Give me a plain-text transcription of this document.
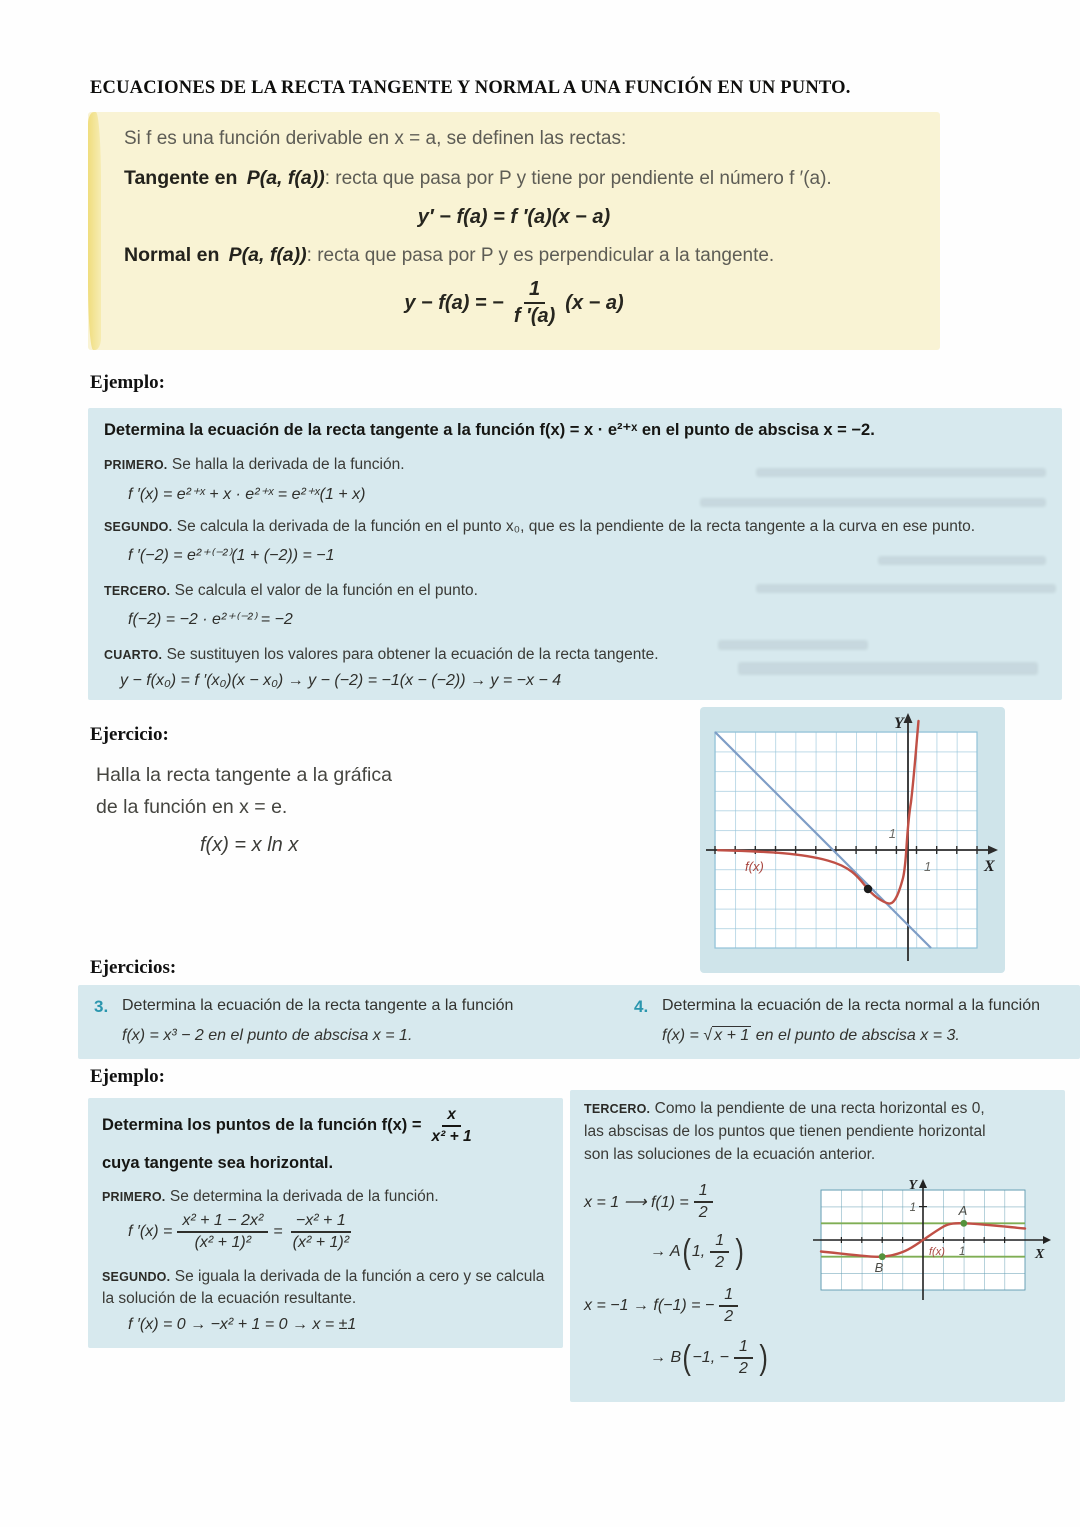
ECUACIONES DE LA RECTA TANGENTE Y NORMAL A UNA FUNCIÓN EN UN PUNTO.
Si f es una función derivable en x = a, se definen las rectas:
Tangente en P(a, f(a)): recta que pasa por P y tiene por pendiente el número f ′(a).
y′ − f(a) = f ′(a)(x − a)
Normal en P(a, f(a)): recta que pasa por P y es perpendicular a la tangente.
y − f(a) = − $\frac{1}{f '(a)} (x - a)$
Ejemplo:
Determina la ecuación de la recta tangente a la función f(x) = x · e²⁺ˣ en el punto de abscisa x = −2.
PRIMERO. Se halla la derivada de la función.
f ′(x) = e²⁺ˣ + x · e²⁺ˣ = e²⁺ˣ(1 + x)
SEGUNDO. Se calcula la derivada de la función en el punto x₀, que es la pendiente de la recta tangente a la curva en ese punto.
f ′(−2) = e²⁺⁽⁻²⁾(1 + (−2)) = −1
TERCERO. Se calcula el valor de la función en el punto.
f(−2) = −2 · e²⁺⁽⁻²⁾ = −2
CUARTO. Se sustituyen los valores para obtener la ecuación de la recta tangente.
y − f(x₀) = f ′(x₀)(x − x₀) → y − (−2) = −1(x − (−2)) → y = −x − 4
Ejercicio:
Halla la recta tangente a la gráfica
de la función en x = e.
f(x) = x ln x
Y
X
1
1
f(x)
Ejercicios:
3. Determina la ecuación de la recta tangente a la función
f(x) = x³ − 2 en el punto de abscisa x = 1.
4. Determina la ecuación de la recta normal a la función
f(x) = √ x + 1 en el punto de abscisa x = 3.
Ejemplo:
Determina los puntos de la función $f(x) = \frac{x}{\text{x² + 1}}$
cuya tangente sea horizontal.
PRIMERO. Se determina la derivada de la función.
f $'(x) = \frac{\text{x² + 1 − 2x²}}{\text{(x² + 1)²}} = \frac{\text{−x² + 1}}{\text{(x² + 1)²}}$
SEGUNDO. Se iguala la derivada de la función a cero y se calcula
la solución de la ecuación resultante.
f ′(x) = 0 → −x² + 1 = 0 → x = ±1
TERCERO. Como la pendiente de una recta horizontal es 0,
las abscisas de los puntos que tienen pendiente horizontal
son las soluciones de la ecuación anterior.
x = 1 ⟶ $f(1) = \frac{1}{2}$
→ A ( 1, $\frac{1}{2}$ )
x = −1 → f(−1) = − $\frac{1}{2}$
→ B ( −1, − $\frac{1}{2}$ )
Y
X
1
1
A
B
f(x)
